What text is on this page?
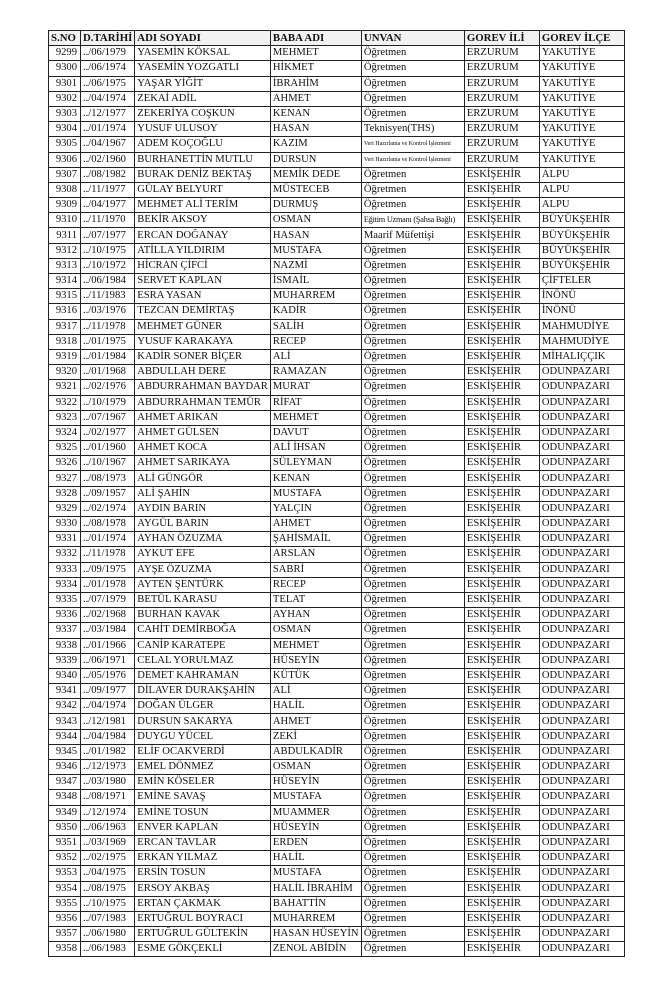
S.NO	D.TARİHİ	ADI SOYADI	BABA ADI	UNVAN	GOREV İLİ	GOREV İLÇE
9299	../06/1979	YASEMİN KÖKSAL	MEHMET	Öğretmen	ERZURUM	YAKUTİYE
9300	../06/1974	YASEMİN YOZGATLI	HİKMET	Öğretmen	ERZURUM	YAKUTİYE
9301	../06/1975	YAŞAR YİĞİT	İBRAHİM	Öğretmen	ERZURUM	YAKUTİYE
9302	../04/1974	ZEKAİ ADİL	AHMET	Öğretmen	ERZURUM	YAKUTİYE
9303	../12/1977	ZEKERİYA COŞKUN	KENAN	Öğretmen	ERZURUM	YAKUTİYE
9304	../01/1974	YUSUF ULUSOY	HASAN	Teknisyen(THS)	ERZURUM	YAKUTİYE
9305	../04/1967	ADEM KOÇOĞLU	KAZIM	Veri Hazırlama ve Kontrol İşletmeni	ERZURUM	YAKUTİYE
9306	../02/1960	BURHANETTİN MUTLU	DURSUN	Veri Hazırlama ve Kontrol İşletmeni	ERZURUM	YAKUTİYE
9307	../08/1982	BURAK DENİZ BEKTAŞ	MEMİK DEDE	Öğretmen	ESKİŞEHİR	ALPU
9308	../11/1977	GÜLAY BELYURT	MÜSTECEB	Öğretmen	ESKİŞEHİR	ALPU
9309	../04/1977	MEHMET ALİ TERİM	DURMUŞ	Öğretmen	ESKİŞEHİR	ALPU
9310	../11/1970	BEKİR AKSOY	OSMAN	Eğitim Uzmanı (Şahsa Bağlı)	ESKİŞEHİR	BÜYÜKŞEHİR
9311	../07/1977	ERCAN DOĞANAY	HASAN	Maarif Müfettişi	ESKİŞEHİR	BÜYÜKŞEHİR
9312	../10/1975	ATİLLA YILDIRIM	MUSTAFA	Öğretmen	ESKİŞEHİR	BÜYÜKŞEHİR
9313	../10/1972	HİCRAN ÇİFCİ	NAZMİ	Öğretmen	ESKİŞEHİR	BÜYÜKŞEHİR
9314	../06/1984	SERVET KAPLAN	İSMAİL	Öğretmen	ESKİŞEHİR	ÇİFTELER
9315	../11/1983	ESRA YASAN	MUHARREM	Öğretmen	ESKİŞEHİR	İNÖNÜ
9316	../03/1976	TEZCAN DEMİRTAŞ	KADİR	Öğretmen	ESKİŞEHİR	İNÖNÜ
9317	../11/1978	MEHMET GÜNER	SALİH	Öğretmen	ESKİŞEHİR	MAHMUDİYE
9318	../01/1975	YUSUF KARAKAYA	RECEP	Öğretmen	ESKİŞEHİR	MAHMUDİYE
9319	../01/1984	KADİR SONER BİÇER	ALİ	Öğretmen	ESKİŞEHİR	MİHALIÇÇIK
9320	../01/1968	ABDULLAH DERE	RAMAZAN	Öğretmen	ESKİŞEHİR	ODUNPAZARI
9321	../02/1976	ABDURRAHMAN BAYDAR	MURAT	Öğretmen	ESKİŞEHİR	ODUNPAZARI
9322	../10/1979	ABDURRAHMAN TEMÜR	RİFAT	Öğretmen	ESKİŞEHİR	ODUNPAZARI
9323	../07/1967	AHMET ARIKAN	MEHMET	Öğretmen	ESKİŞEHİR	ODUNPAZARI
9324	../02/1977	AHMET GÜLSEN	DAVUT	Öğretmen	ESKİŞEHİR	ODUNPAZARI
9325	../01/1960	AHMET KOCA	ALİ İHSAN	Öğretmen	ESKİŞEHİR	ODUNPAZARI
9326	../10/1967	AHMET SARIKAYA	SÜLEYMAN	Öğretmen	ESKİŞEHİR	ODUNPAZARI
9327	../08/1973	ALİ GÜNGÖR	KENAN	Öğretmen	ESKİŞEHİR	ODUNPAZARI
9328	../09/1957	ALİ ŞAHİN	MUSTAFA	Öğretmen	ESKİŞEHİR	ODUNPAZARI
9329	../02/1974	AYDIN BARIN	YALÇIN	Öğretmen	ESKİŞEHİR	ODUNPAZARI
9330	../08/1978	AYGÜL BARIN	AHMET	Öğretmen	ESKİŞEHİR	ODUNPAZARI
9331	../01/1974	AYHAN ÖZUZMA	ŞAHİSMAİL	Öğretmen	ESKİŞEHİR	ODUNPAZARI
9332	../11/1978	AYKUT EFE	ARSLAN	Öğretmen	ESKİŞEHİR	ODUNPAZARI
9333	../09/1975	AYŞE ÖZUZMA	SABRİ	Öğretmen	ESKİŞEHİR	ODUNPAZARI
9334	../01/1978	AYTEN ŞENTÜRK	RECEP	Öğretmen	ESKİŞEHİR	ODUNPAZARI
9335	../07/1979	BETÜL KARASU	TELAT	Öğretmen	ESKİŞEHİR	ODUNPAZARI
9336	../02/1968	BURHAN KAVAK	AYHAN	Öğretmen	ESKİŞEHİR	ODUNPAZARI
9337	../03/1984	CAHİT DEMİRBOĞA	OSMAN	Öğretmen	ESKİŞEHİR	ODUNPAZARI
9338	../01/1966	CANİP KARATEPE	MEHMET	Öğretmen	ESKİŞEHİR	ODUNPAZARI
9339	../06/1971	CELAL YORULMAZ	HÜSEYİN	Öğretmen	ESKİŞEHİR	ODUNPAZARI
9340	../05/1976	DEMET KAHRAMAN	KÜTÜK	Öğretmen	ESKİŞEHİR	ODUNPAZARI
9341	../09/1977	DİLAVER DURAKŞAHİN	ALİ	Öğretmen	ESKİŞEHİR	ODUNPAZARI
9342	../04/1974	DOĞAN ÜLGER	HALİL	Öğretmen	ESKİŞEHİR	ODUNPAZARI
9343	../12/1981	DURSUN SAKARYA	AHMET	Öğretmen	ESKİŞEHİR	ODUNPAZARI
9344	../04/1984	DUYGU YÜCEL	ZEKİ	Öğretmen	ESKİŞEHİR	ODUNPAZARI
9345	../01/1982	ELİF OCAKVERDİ	ABDULKADİR	Öğretmen	ESKİŞEHİR	ODUNPAZARI
9346	../12/1973	EMEL DÖNMEZ	OSMAN	Öğretmen	ESKİŞEHİR	ODUNPAZARI
9347	../03/1980	EMİN KÖSELER	HÜSEYİN	Öğretmen	ESKİŞEHİR	ODUNPAZARI
9348	../08/1971	EMİNE SAVAŞ	MUSTAFA	Öğretmen	ESKİŞEHİR	ODUNPAZARI
9349	../12/1974	EMİNE TOSUN	MUAMMER	Öğretmen	ESKİŞEHİR	ODUNPAZARI
9350	../06/1963	ENVER KAPLAN	HÜSEYİN	Öğretmen	ESKİŞEHİR	ODUNPAZARI
9351	../03/1969	ERCAN TAVLAR	ERDEN	Öğretmen	ESKİŞEHİR	ODUNPAZARI
9352	../02/1975	ERKAN YILMAZ	HALİL	Öğretmen	ESKİŞEHİR	ODUNPAZARI
9353	../04/1975	ERSİN TOSUN	MUSTAFA	Öğretmen	ESKİŞEHİR	ODUNPAZARI
9354	../08/1975	ERSOY AKBAŞ	HALİL İBRAHİM	Öğretmen	ESKİŞEHİR	ODUNPAZARI
9355	../10/1975	ERTAN ÇAKMAK	BAHATTİN	Öğretmen	ESKİŞEHİR	ODUNPAZARI
9356	../07/1983	ERTUĞRUL BOYRACI	MUHARREM	Öğretmen	ESKİŞEHİR	ODUNPAZARI
9357	../06/1980	ERTUĞRUL GÜLTEKİN	HASAN HÜSEYİN	Öğretmen	ESKİŞEHİR	ODUNPAZARI
9358	../06/1983	ESME GÖKÇEKLİ	ZENOL ABİDİN	Öğretmen	ESKİŞEHİR	ODUNPAZARI
